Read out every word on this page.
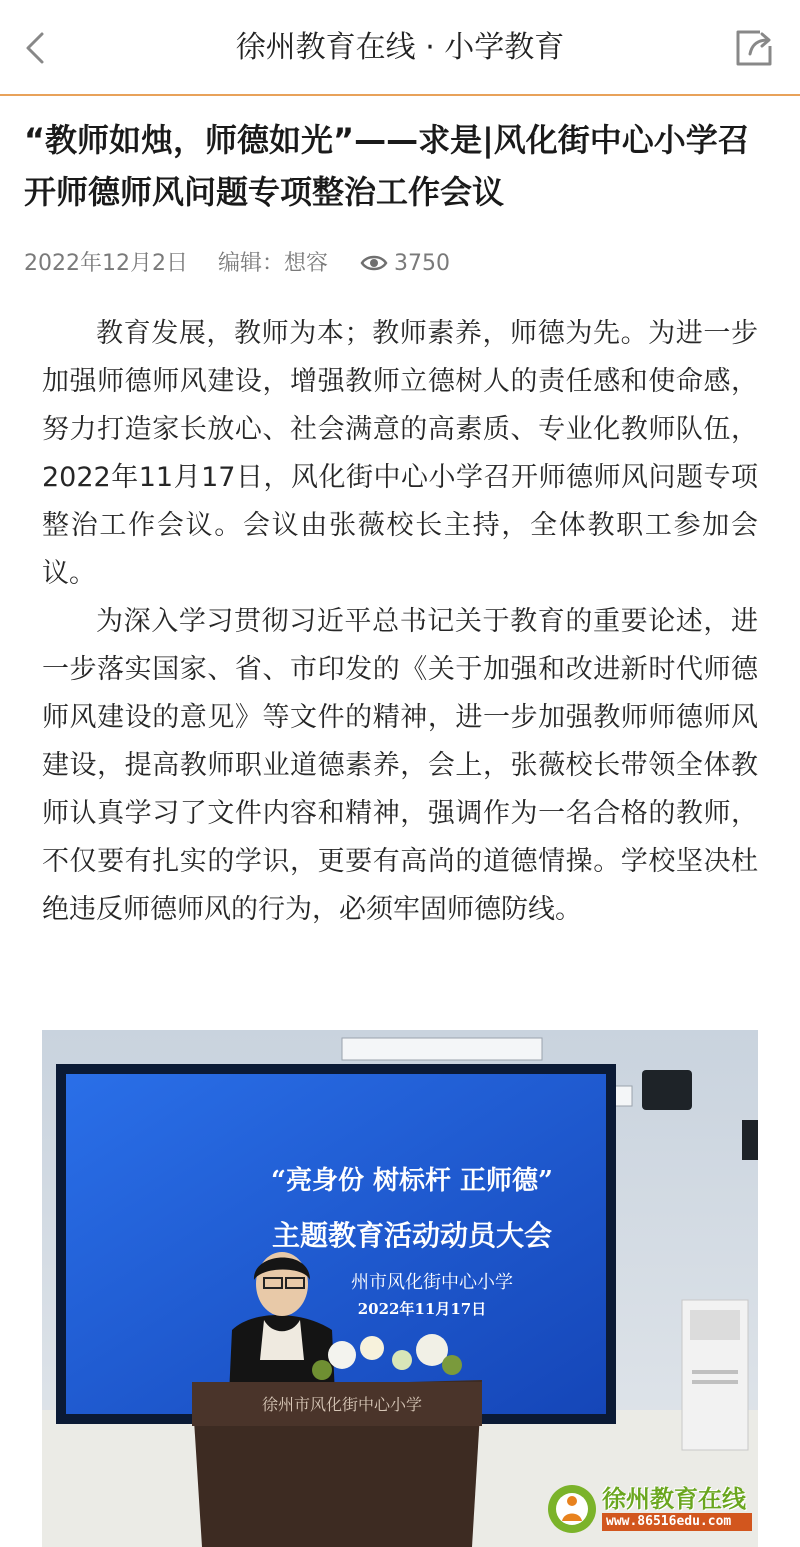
徐州教育在线 · 小学教育
“教师如烛，师德如光”——求是|风化街中心小学召开师德师风问题专项整治工作会议
2022年12月2日 编辑：想容	3750

教育发展，教师为本；教师素养，师德为先。为进一步加强师德师风建设，增强教师立德树人的责任感和使命感， 努力打造家长放心、社会满意的高素质、专业化教师队伍，2022年11月17日，风化街中心小学召开师德师风问题专项整治工作会议。会议由张薇校长主持，全体教职工参加会议。

为深入学习贯彻习近平总书记关于教育的重要论述，进一步落实国家、省、市印发的《关于加强和改进新时代师德师风建设的意见》等文件的精神，进一步加强教师师德师风建设，提高教师职业道德素养，会上，张薇校长带领全体教师认真学习了文件内容和精神，强调作为一名合格的教师，不仅要有扎实的学识，更要有高尚的道德情操。学校坚决杜绝违反师德师风的行为，必须牢固师德防线。

徐州市风化街中心小学
“亮身份 树标杆 正师德”
主题教育活动动员大会
州市风化街中心小学
2022年11月17日
徐州教育在线
www.86516edu.com
